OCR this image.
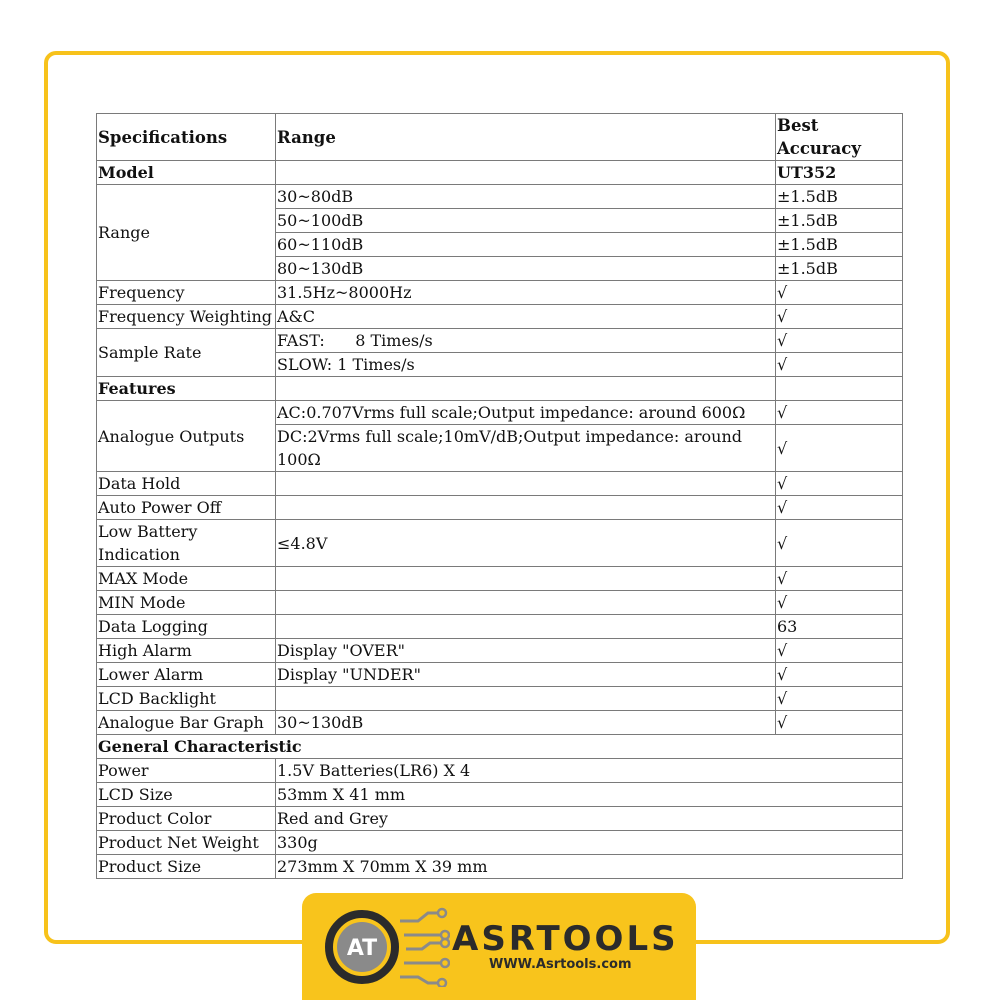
Specifications	Range	Best Accuracy
Model		UT352
Range	30~80dB	±1.5dB
	50~100dB	±1.5dB
	60~110dB	±1.5dB
	80~130dB	±1.5dB
Frequency	31.5Hz~8000Hz	√
Frequency Weighting	A&C	√
Sample Rate	FAST:      8 Times/s	√
	SLOW: 1 Times/s	√
Features		
Analogue Outputs	AC:0.707Vrms full scale;Output impedance: around 600Ω	√
	DC:2Vrms full scale;10mV/dB;Output impedance: around 100Ω	√
Data Hold		√
Auto Power Off		√
Low Battery Indication	≤4.8V	√
MAX Mode		√
MIN Mode		√
Data Logging		63
High Alarm	Display "OVER"	√
Lower Alarm	Display "UNDER"	√
LCD Backlight		√
Analogue Bar Graph	30~130dB	√
General Characteristic		
Power	1.5V Batteries(LR6) X 4	
LCD Size	53mm X 41 mm	
Product Color	Red and Grey	
Product Net Weight	330g	
Product Size	273mm X 70mm X 39 mm	
AT ASRTOOLS
WWW.Asrtools.com
